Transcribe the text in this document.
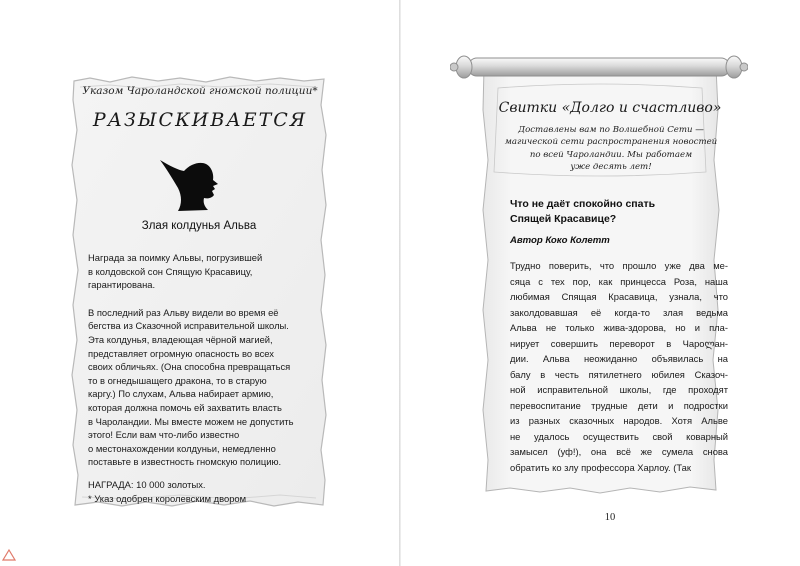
Указом Чароландской гномской полиции*
РАЗЫСКИВАЕТСЯ
Злая колдунья Альва

Награда за поимку Альвы, погрузившей
в колдовской сон Спящую Красавицу,
гарантирована.

В последний раз Альву видели во время её
бегства из Сказочной исправительной школы.
Эта колдунья, владеющая чёрной магией,
представляет огромную опасность во всех
своих обличьях. (Она способна превращаться
то в огнедышащего дракона, то в старую
каргу.) По слухам, Альва набирает армию,
которая должна помочь ей захватить власть
в Чароландии. Мы вместе можем не допустить
этого! Если вам что-либо известно
о местонахождении колдуньи, немедленно
поставьте в известность гномскую полицию.

НАГРАДА: 10 000 золотых.

* Указ одобрен королевским двором

Свитки «Долго и счастливо»
Доставлены вам по Волшебной Сети —
магической сети распространения новостей
по всей Чароландии. Мы работаем
уже десять лет!
Что не даёт спокойно спать
Спящей Красавице?
Автор Коко Колетт
Трудно поверить, что прошло уже два ме-
сяца с тех пор, как принцесса Роза, наша
любимая Спящая Красавица, узнала, что
заколдовавшая её когда-то злая ведьма
Альва не только жива-здорова, но и пла-
нирует совершить переворот в Чароლан-
дии. Альва неожиданно объявилась на
балу в честь пятилетнего юбилея Сказоч-
ной исправительной школы, где проходят
перевоспитание трудные дети и подростки
из разных сказочных народов. Хотя Альве
не удалось осуществить свой коварный
замысел (уф!), она всё же сумела снова
обратить ко злу профессора Харлоу. (Так
10
